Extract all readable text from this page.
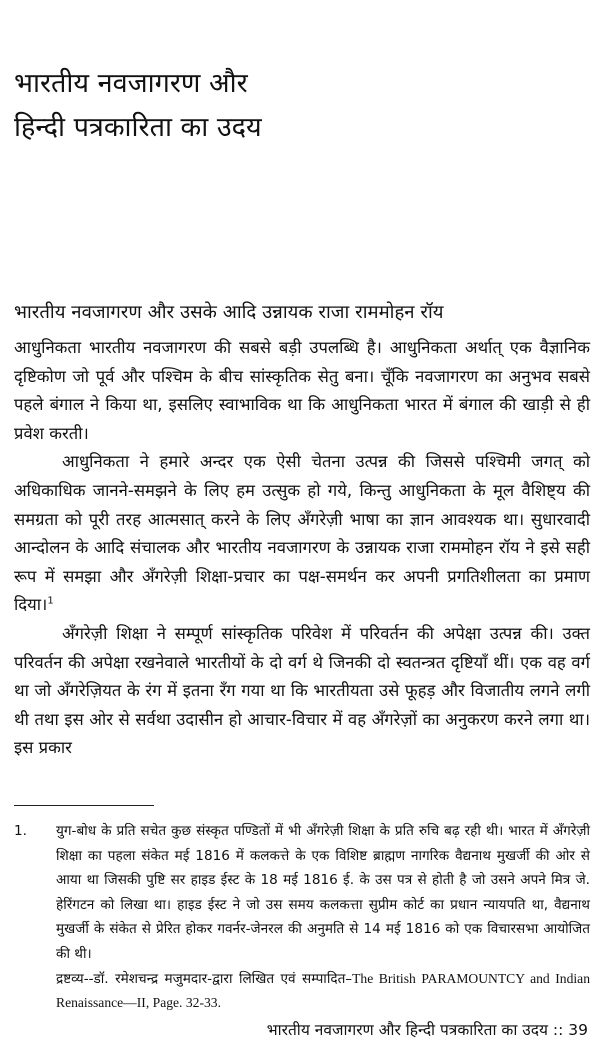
भारतीय नवजागरण और
हिन्दी पत्रकारिता का उदय
भारतीय नवजागरण और उसके आदि उन्नायक राजा राममोहन रॉय

आधुनिकता भारतीय नवजागरण की सबसे बड़ी उपलब्धि है। आधुनिकता अर्थात् एक वैज्ञानिक दृष्टिकोण जो पूर्व और पश्चिम के बीच सांस्कृतिक सेतु बना। चूँकि नवजागरण का अनुभव सबसे पहले बंगाल ने किया था, इसलिए स्वाभाविक था कि आधुनिकता भारत में बंगाल की खाड़ी से ही प्रवेश करती।

आधुनिकता ने हमारे अन्दर एक ऐसी चेतना उत्पन्न की जिससे पश्चिमी जगत् को अधिकाधिक जानने-समझने के लिए हम उत्सुक हो गये, किन्तु आधुनिकता के मूल वैशिष्ट्य की समग्रता को पूरी तरह आत्मसात् करने के लिए अँगरेज़ी भाषा का ज्ञान आवश्यक था। सुधारवादी आन्दोलन के आदि संचालक और भारतीय नवजागरण के उन्नायक राजा राममोहन रॉय ने इसे सही रूप में समझा और अँगरेज़ी शिक्षा-प्रचार का पक्ष-समर्थन कर अपनी प्रगतिशीलता का प्रमाण दिया।$^1$

अँगरेज़ी शिक्षा ने सम्पूर्ण सांस्कृतिक परिवेश में परिवर्तन की अपेक्षा उत्पन्न की। उक्त परिवर्तन की अपेक्षा रखनेवाले भारतीयों के दो वर्ग थे जिनकी दो स्वतन्त्रत दृष्टियाँ थीं। एक वह वर्ग था जो अँगरेज़ियत के रंग में इतना रँग गया था कि भारतीयता उसे फूहड़ और विजातीय लगने लगी थी तथा इस ओर से सर्वथा उदासीन हो आचार-विचार में वह अँगरेज़ों का अनुकरण करने लगा था। इस प्रकार

1. युग-बोध के प्रति सचेत कुछ संस्कृत पण्डितों में भी अँगरेज़ी शिक्षा के प्रति रुचि बढ़ रही थी। भारत में अँगरेज़ी शिक्षा का पहला संकेत मई 1816 में कलकत्ते के एक विशिष्ट ब्राह्मण नागरिक वैद्यनाथ मुखर्जी की ओर से आया था जिसकी पुष्टि सर हाइड ईस्ट के 18 मई 1816 ई. के उस पत्र से होती है जो उसने अपने मित्र जे. हेरिंगटन को लिखा था। हाइड ईस्ट ने जो उस समय कलकत्ता सुप्रीम कोर्ट का प्रधान न्यायपति था, वैद्यनाथ मुखर्जी के संकेत से प्रेरित होकर गवर्नर-जेनरल की अनुमति से 14 मई 1816 को एक विचारसभा आयोजित की थी।
द्रष्टव्य--डॉ. रमेशचन्द्र मजुमदार-द्वारा लिखित एवं सम्पादित–The British PARAMOUNTCY and Indian Renaissance—II, Page. 32-33.
भारतीय नवजागरण और हिन्दी पत्रकारिता का उदय :: 39
